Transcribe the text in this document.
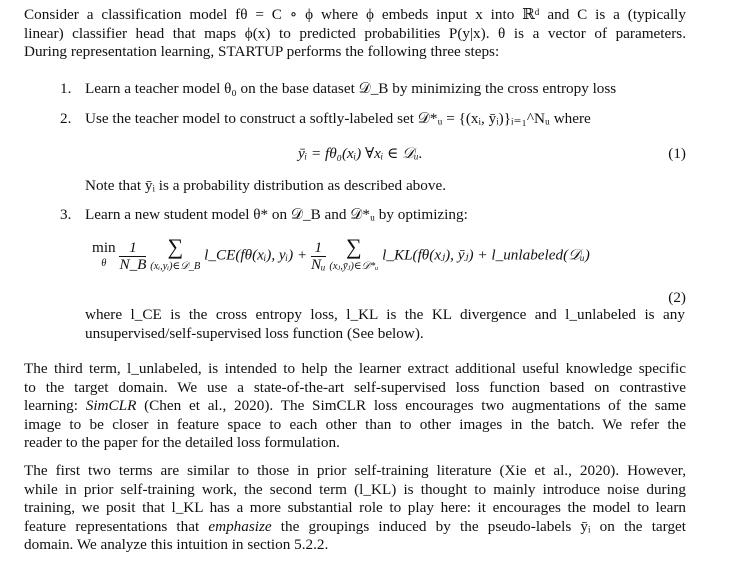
Consider a classification model fθ = C ∘ ϕ where ϕ embeds input x into ℝᵈ and C is a (typically
linear) classifier head that maps ϕ(x) to predicted probabilities P(y|x). θ is a vector of parameters.
During representation learning, STARTUP performs the following three steps:
1. Learn a teacher model θ₀ on the base dataset 𝒟_B by minimizing the cross entropy loss
2. Use the teacher model to construct a softly-labeled set 𝒟*ᵤ = {(xᵢ, ȳᵢ)}ᵢ₌₁^Nᵤ where
ȳᵢ = fθ₀(xᵢ) ∀xᵢ ∈ 𝒟ᵤ.	(1)
Note that ȳᵢ is a probability distribution as described above.
3. Learn a new student model θ* on 𝒟_B and 𝒟*ᵤ by optimizing:
min
θ
$\frac{1}{N\_B}$
∑
(xᵢ,yᵢ)∈𝒟_B
l_CE(fθ(xᵢ), yᵢ) + $\frac{1}{\text{Nᵤ}}$
∑
(xⱼ,ȳⱼ)∈𝒟*ᵤ
l_KL(fθ(xⱼ), ȳⱼ) + l_unlabeled(𝒟ᵤ)
(2)
where l_CE is the cross entropy loss, l_KL is the KL divergence and l_unlabeled is any
unsupervised/self-supervised loss function (See below).
The third term, l_unlabeled, is intended to help the learner extract additional useful knowledge specific
to the target domain. We use a state-of-the-art self-supervised loss function based on contrastive
learning: SimCLR (Chen et al., 2020). The SimCLR loss encourages two augmentations of the same
image to be closer in feature space to each other than to other images in the batch. We refer the
reader to the paper for the detailed loss formulation.
The first two terms are similar to those in prior self-training literature (Xie et al., 2020). However,
while in prior self-training work, the second term (l_KL) is thought to mainly introduce noise during
training, we posit that l_KL has a more substantial role to play here: it encourages the model to learn
feature representations that emphasize the groupings induced by the pseudo-labels ȳᵢ on the target
domain. We analyze this intuition in section 5.2.2.
